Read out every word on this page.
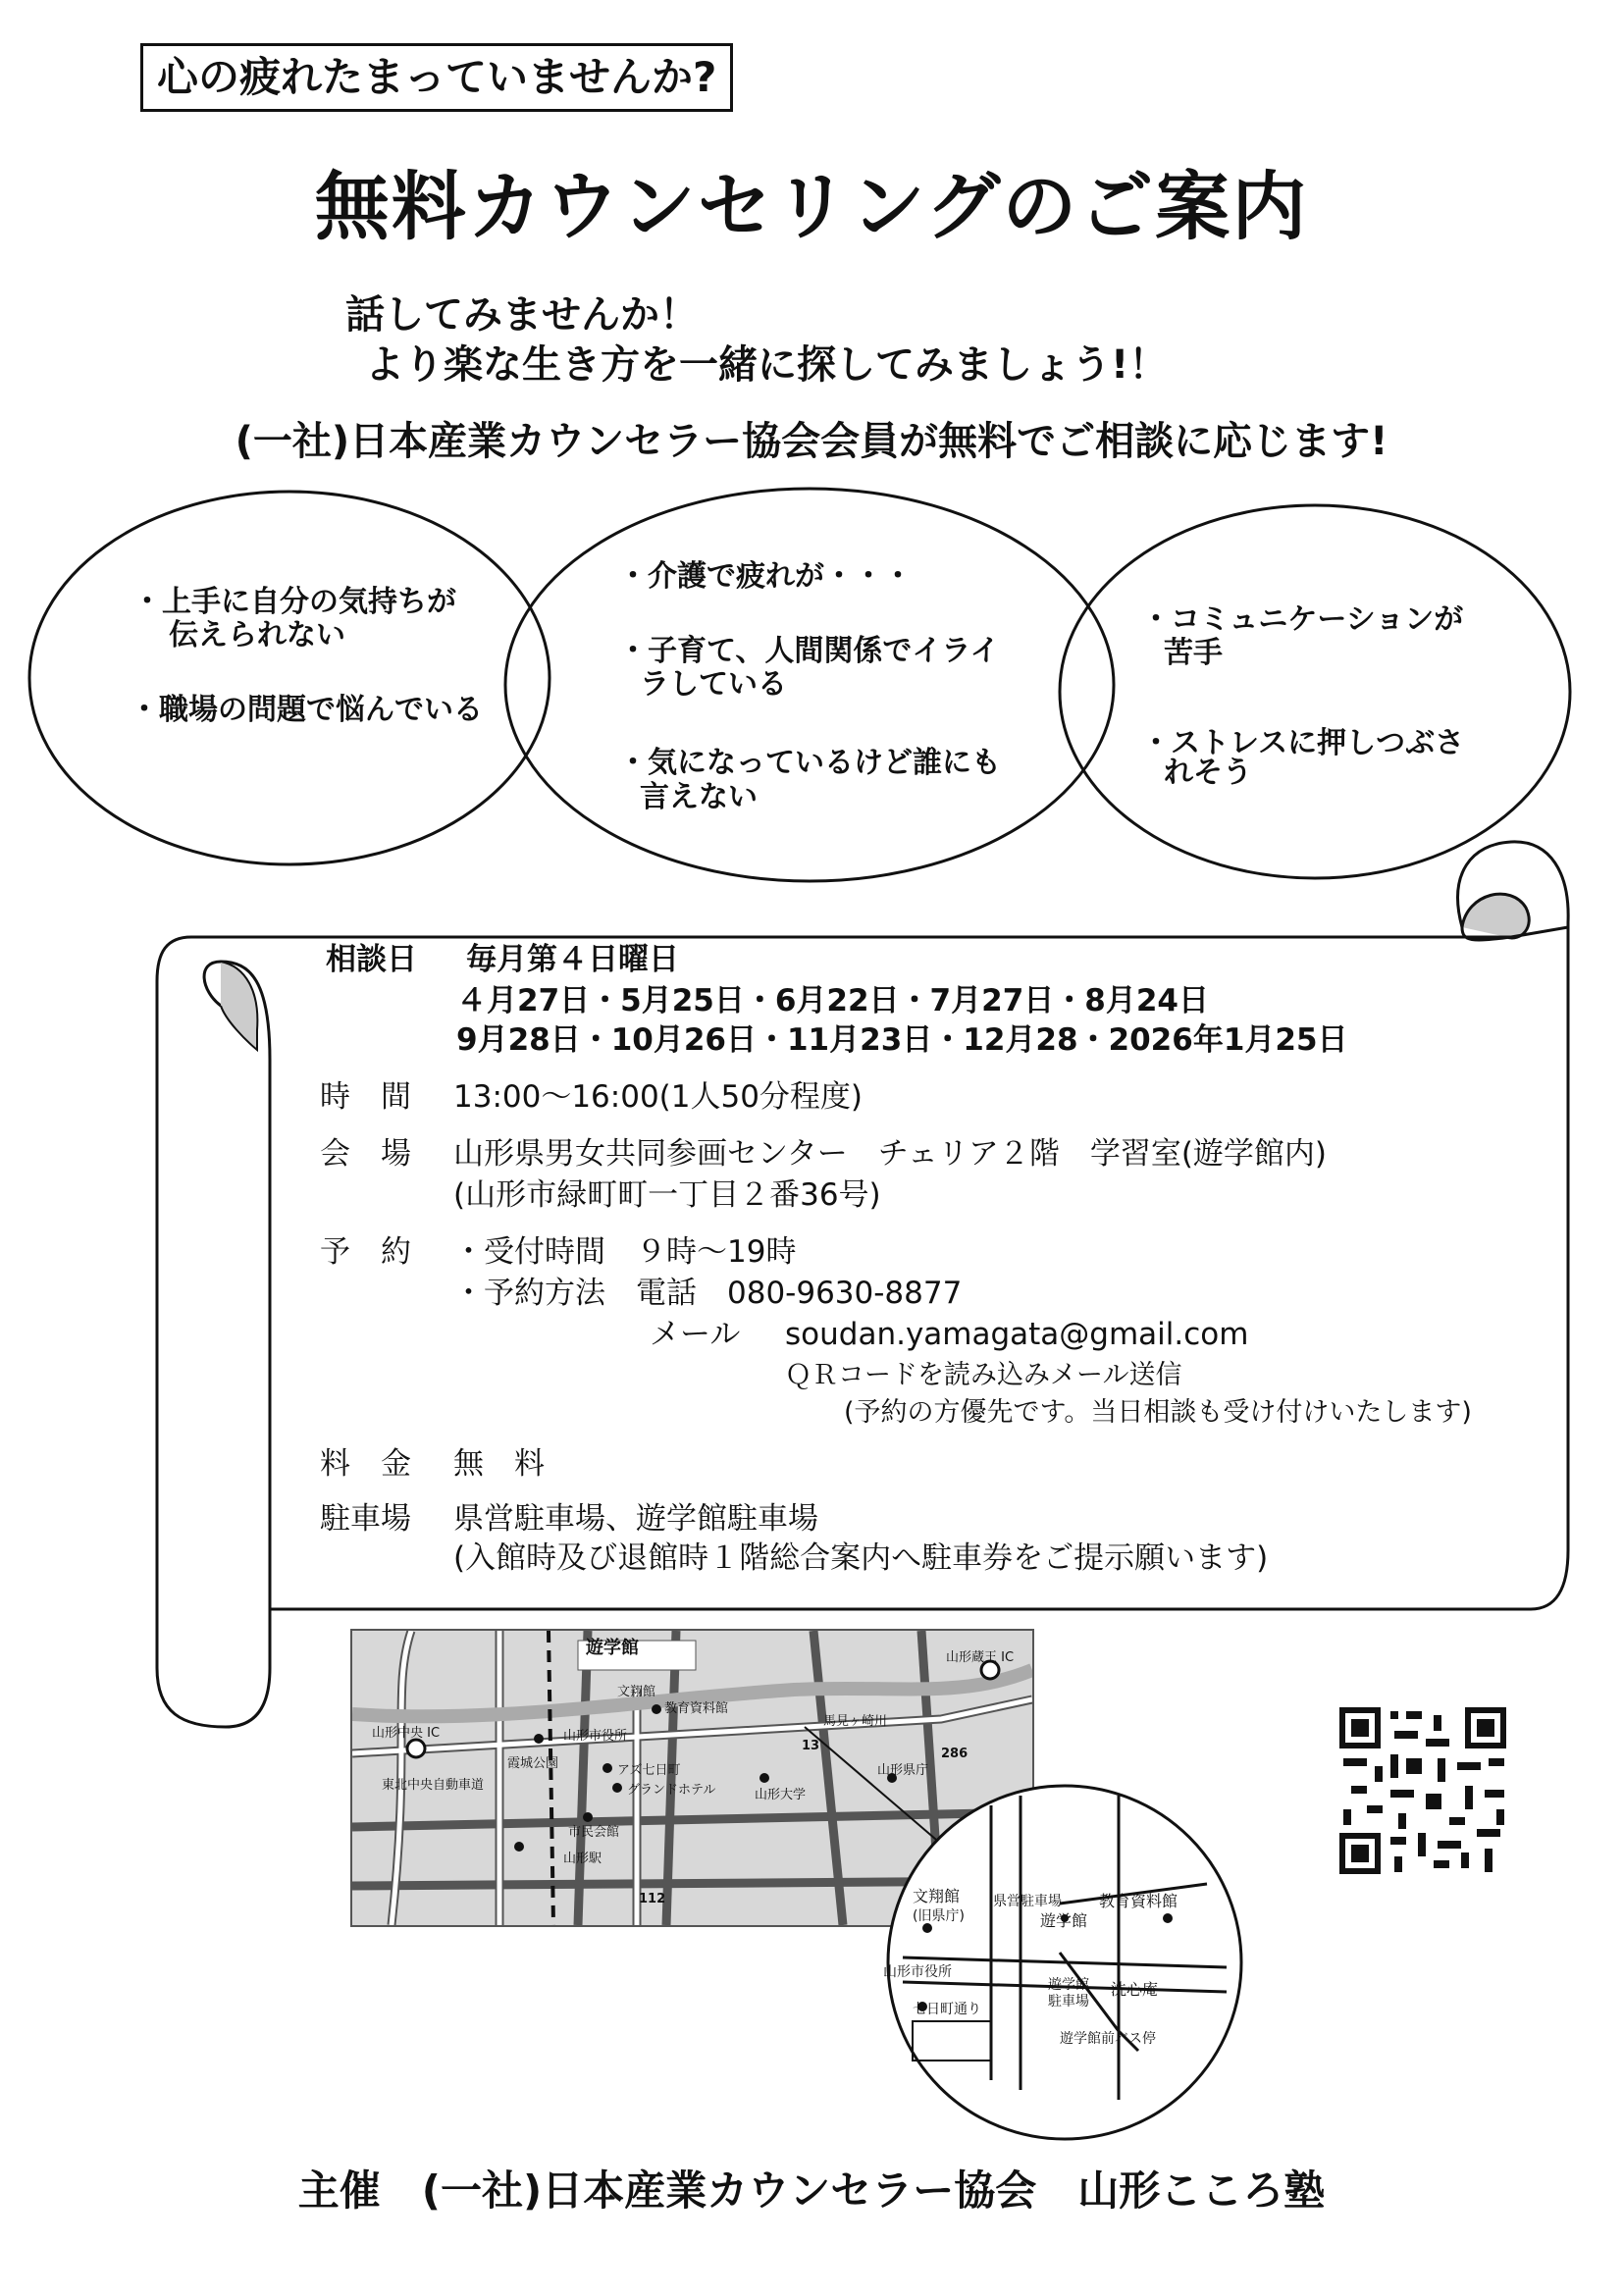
心の疲れたまっていませんか?
無料カウンセリングのご案内
話してみませんか！
より楽な生き方を一緒に探してみましょう!！
(一社)日本産業カウンセラー協会会員が無料でご相談に応じます!
・上手に自分の気持ちが
伝えられない
・職場の問題で悩んでいる
・介護で疲れが・・・
・子育て、人間関係でイライ
ラしている
・気になっているけど誰にも
言えない
・コミュニケーションが
苦手
・ストレスに押しつぶさ
れそう
相談日 毎月第４日曜日
４月27日・5月25日・6月22日・7月27日・8月24日
9月28日・10月26日・11月23日・12月28・2026年1月25日
時　間 13:00～16:00(1人50分程度)
会　場 山形県男女共同参画センター　チェリア２階　学習室(遊学館内)
(山形市緑町町一丁目２番36号)
予　約 ・受付時間　９時～19時
・予約方法　電話　080-9630-8877
メール soudan.yamagata@gmail.com
ＱＲコードを読み込みメール送信
(予約の方優先です。当日相談も受け付けいたします)
料　金 無　料
駐車場 県営駐車場、遊学館駐車場
(入館時及び退館時１階総合案内へ駐車券をご提示願います)
遊学館	山形蔵王 IC
山形中央 IC
文翔館
教育資料館
山形市役所
霞城公園	アズ七日町
グランドホテル	山形大学
山形県庁
市民会館
山形駅
馬見ヶ崎川
東北中央自動車道
13
286
112	文翔館
(旧県庁)
県営駐車場
遊学館
教育資料館
山形市役所
遊学館
駐車場
洗心庵
七日町通り
遊学館前バス停
主催　(一社)日本産業カウンセラー協会　山形こころ塾
